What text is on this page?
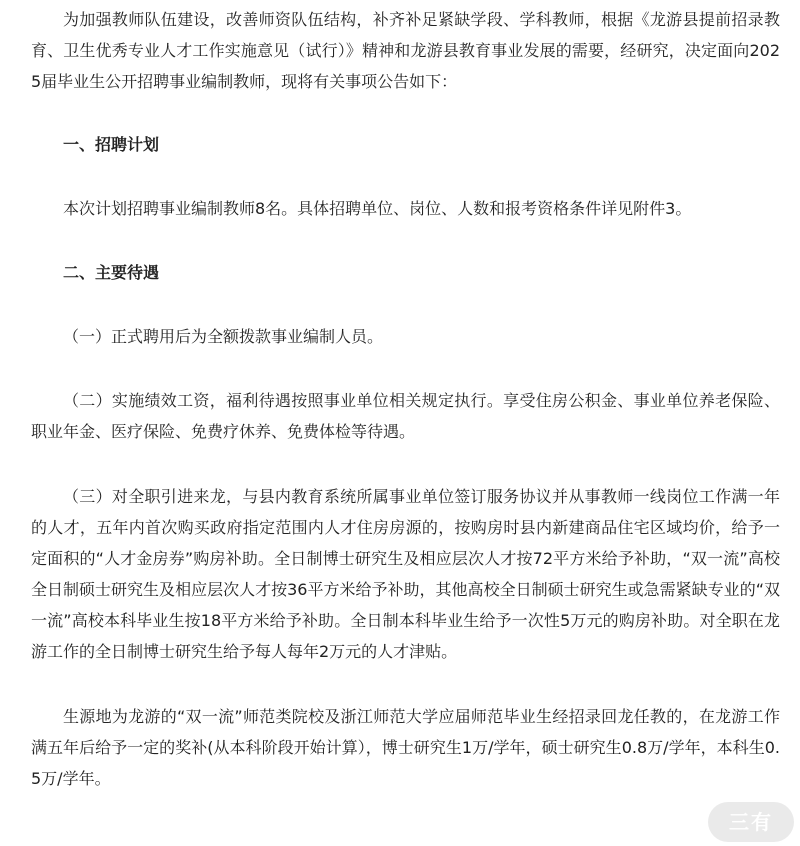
为加强教师队伍建设，改善师资队伍结构，补齐补足紧缺学段、学科教师，根据《龙游县提前招录教育、卫生优秀专业人才工作实施意见（试行）》精神和龙游县教育事业发展的需要，经研究，决定面向2025届毕业生公开招聘事业编制教师，现将有关事项公告如下：

一、招聘计划

本次计划招聘事业编制教师8名。具体招聘单位、岗位、人数和报考资格条件详见附件3。

二、主要待遇

（一）正式聘用后为全额拨款事业编制人员。

（二）实施绩效工资，福利待遇按照事业单位相关规定执行。享受住房公积金、事业单位养老保险、职业年金、医疗保险、免费疗休养、免费体检等待遇。

（三）对全职引进来龙，与县内教育系统所属事业单位签订服务协议并从事教师一线岗位工作满一年的人才，五年内首次购买政府指定范围内人才住房房源的，按购房时县内新建商品住宅区域均价，给予一定面积的“人才金房券”购房补助。全日制博士研究生及相应层次人才按72平方米给予补助，“双一流”高校全日制硕士研究生及相应层次人才按36平方米给予补助，其他高校全日制硕士研究生或急需紧缺专业的“双一流”高校本科毕业生按18平方米给予补助。全日制本科毕业生给予一次性5万元的购房补助。对全职在龙游工作的全日制博士研究生给予每人每年2万元的人才津贴。

生源地为龙游的“双一流”师范类院校及浙江师范大学应届师范毕业生经招录回龙任教的，在龙游工作满五年后给予一定的奖补(从本科阶段开始计算），博士研究生1万/学年，硕士研究生0.8万/学年，本科生0.5万/学年。

三有
